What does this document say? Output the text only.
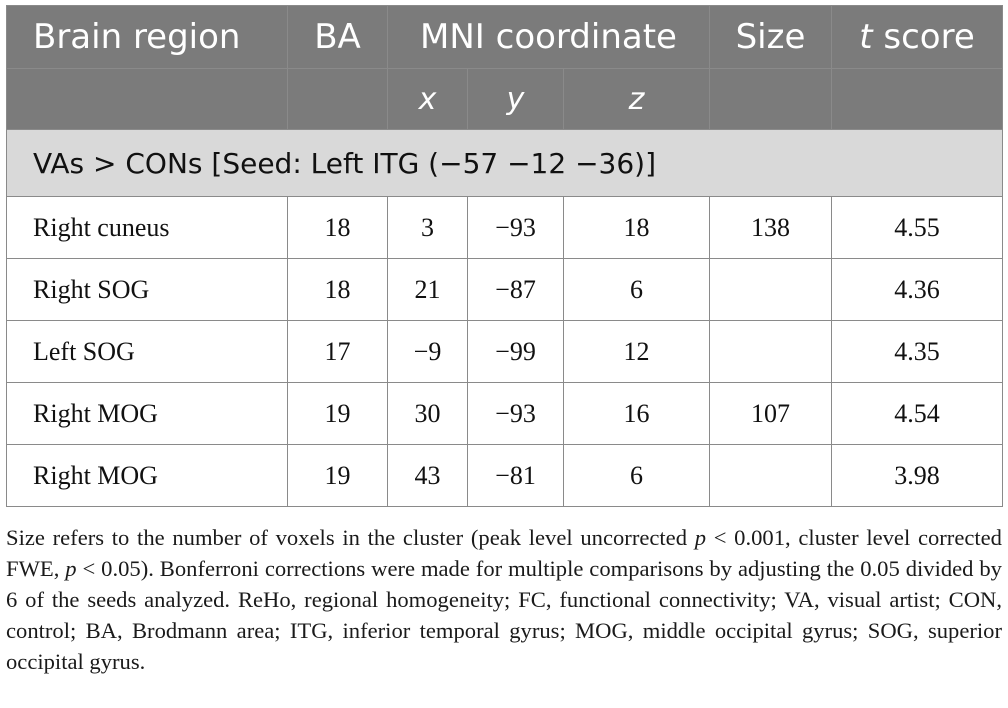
Brain region	BA	MNI coordinate			Size	t score
		x	y	z		
VAs > CONs [Seed: Left ITG (−57 −12 −36)]						
Right cuneus	18	3	−93	18	138	4.55
Right SOG	18	21	−87	6		4.36
Left SOG	17	−9	−99	12		4.35
Right MOG	19	30	−93	16	107	4.54
Right MOG	19	43	−81	6		3.98
Size refers to the number of voxels in the cluster (peak level uncorrected p < 0.001, cluster level corrected FWE, p < 0.05). Bonferroni corrections were made for multiple comparisons by adjusting the 0.05 divided by 6 of the seeds analyzed. ReHo, regional homogeneity; FC, functional connectivity; VA, visual artist; CON, control; BA, Brodmann area; ITG, inferior temporal gyrus; MOG, middle occipital gyrus; SOG, superior occipital gyrus.
